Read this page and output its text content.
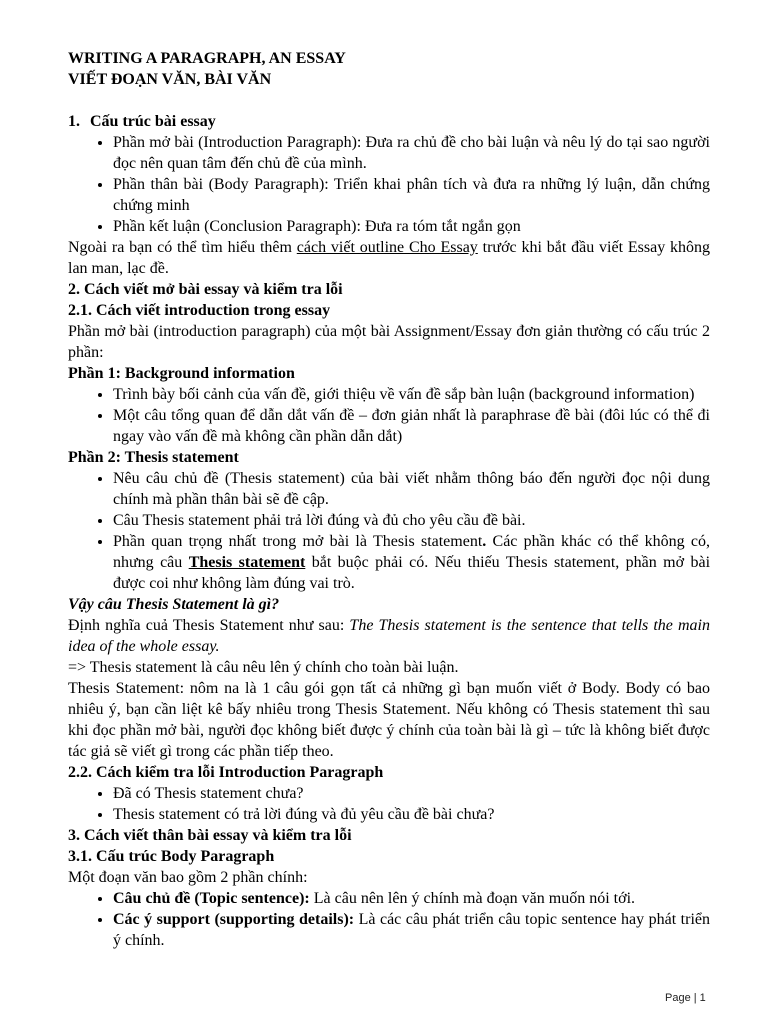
WRITING A PARAGRAPH, AN ESSAY
VIẾT ĐOẠN VĂN, BÀI VĂN
1. Cấu trúc bài essay
• Phần mở bài (Introduction Paragraph): Đưa ra chủ đề cho bài luận và nêu lý do tại sao người đọc nên quan tâm đến chủ đề của mình.
• Phần thân bài (Body Paragraph): Triển khai phân tích và đưa ra những lý luận, dẫn chứng chứng minh
• Phần kết luận (Conclusion Paragraph): Đưa ra tóm tắt ngắn gọn

Ngoài ra bạn có thể tìm hiểu thêm cách viết outline Cho Essay trước khi bắt đầu viết Essay không lan man, lạc đề.

2. Cách viết mở bài essay và kiểm tra lỗi
2.1. Cách viết introduction trong essay

Phần mở bài (introduction paragraph) của một bài Assignment/Essay đơn giản thường có cấu trúc 2 phần:

Phần 1: Background information
• Trình bày bối cảnh của vấn đề, giới thiệu về vấn đề sắp bàn luận (background information)
• Một câu tổng quan để dẫn dắt vấn đề – đơn giản nhất là paraphrase đề bài (đôi lúc có thể đi ngay vào vấn đề mà không cần phần dẫn dắt)
Phần 2: Thesis statement
• Nêu câu chủ đề (Thesis statement) của bài viết nhằm thông báo đến người đọc nội dung chính mà phần thân bài sẽ đề cập.
• Câu Thesis statement phải trả lời đúng và đủ cho yêu cầu đề bài.
• Phần quan trọng nhất trong mở bài là Thesis statement. Các phần khác có thể không có, nhưng câu Thesis statement bắt buộc phải có. Nếu thiếu Thesis statement, phần mở bài được coi như không làm đúng vai trò.
Vậy câu Thesis Statement là gì?

Định nghĩa cuả Thesis Statement như sau: The Thesis statement is the sentence that tells the main idea of the whole essay.

=> Thesis statement là câu nêu lên ý chính cho toàn bài luận.

Thesis Statement: nôm na là 1 câu gói gọn tất cả những gì bạn muốn viết ở Body. Body có bao nhiêu ý, bạn cần liệt kê bấy nhiêu trong Thesis Statement. Nếu không có Thesis statement thì sau khi đọc phần mở bài, người đọc không biết được ý chính của toàn bài là gì – tức là không biết được tác giả sẽ viết gì trong các phần tiếp theo.

2.2. Cách kiểm tra lỗi Introduction Paragraph
• Đã có Thesis statement chưa?
• Thesis statement có trả lời đúng và đủ yêu cầu đề bài chưa?
3. Cách viết thân bài essay và kiểm tra lỗi
3.1. Cấu trúc Body Paragraph

Một đoạn văn bao gồm 2 phần chính:

• Câu chủ đề (Topic sentence): Là câu nên lên ý chính mà đoạn văn muốn nói tới.
• Các ý support (supporting details): Là các câu phát triển câu topic sentence hay phát triển ý chính.
Page | 1
